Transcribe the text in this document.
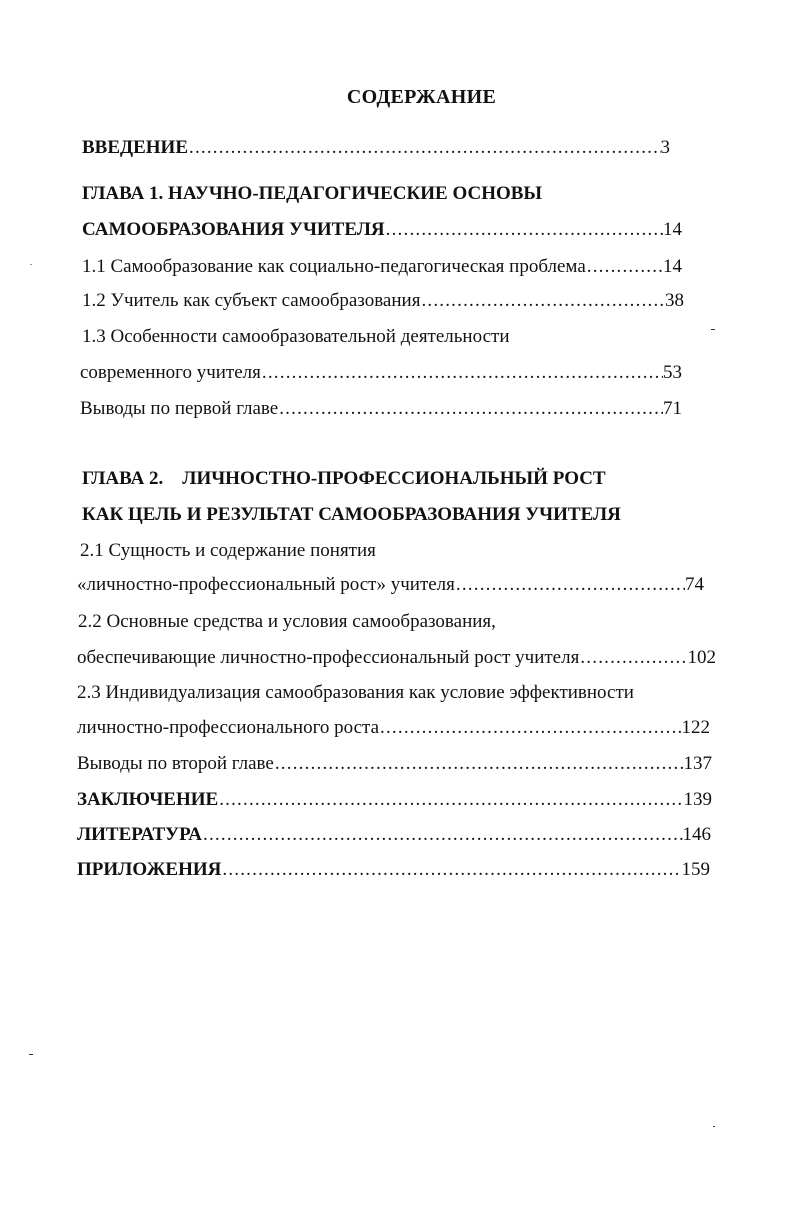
СОДЕРЖАНИЕ
ВВЕДЕНИЕ .....	3
ГЛАВА 1. НАУЧНО-ПЕДАГОГИЧЕСКИЕ ОСНОВЫ
САМООБРАЗОВАНИЯ УЧИТЕЛЯ .....	14
1.1 Самообразование как социально-педагогическая проблема .....	14
1.2 Учитель как субъект самообразования .....	38
1.3 Особенности самообразовательной деятельности
современного учителя .....	53
Выводы по первой главе .....	71
ГЛАВА 2.    ЛИЧНОСТНО-ПРОФЕССИОНАЛЬНЫЙ РОСТ
КАК ЦЕЛЬ И РЕЗУЛЬТАТ САМООБРАЗОВАНИЯ УЧИТЕЛЯ
2.1 Сущность и содержание понятия
«личностно-профессиональный рост» учителя .....	74
2.2 Основные средства и условия самообразования,
обеспечивающие личностно-профессиональный рост учителя .....	102
2.3 Индивидуализация самообразования как условие эффективности
личностно-профессионального роста .....	122
Выводы по второй главе .....	137
ЗАКЛЮЧЕНИЕ .....	139
ЛИТЕРАТУРА .....	146
ПРИЛОЖЕНИЯ .....	159
